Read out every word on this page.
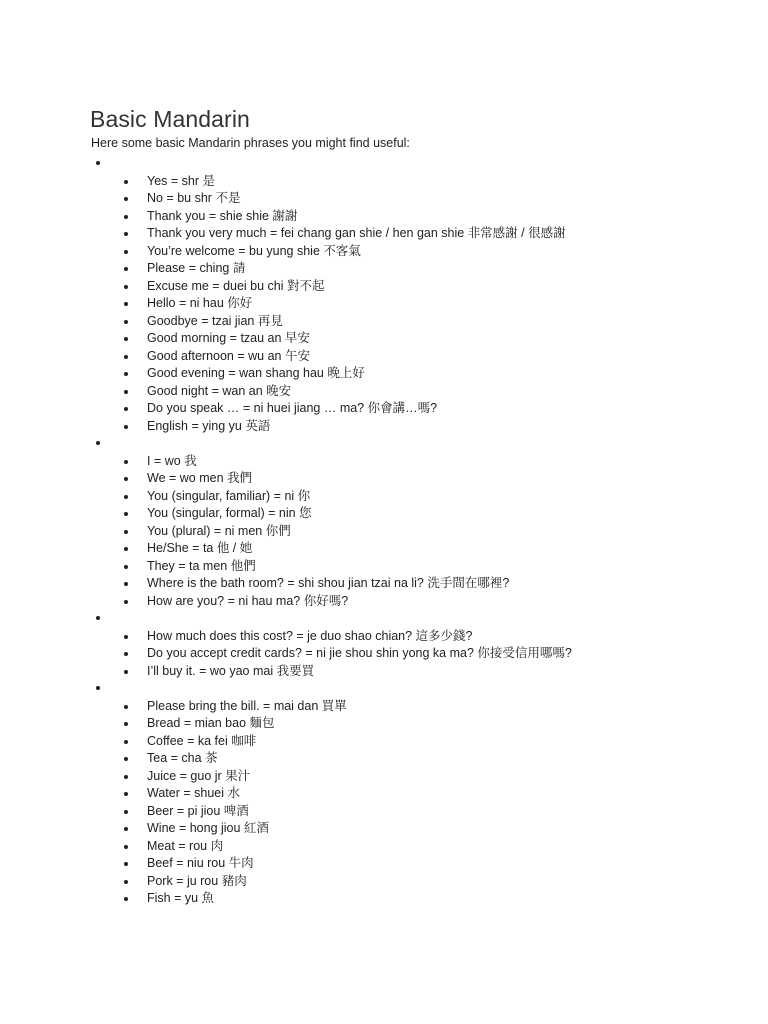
Basic Mandarin

Here some basic Mandarin phrases you might find useful:

Yes = shr 是
No = bu shr 不是
Thank you = shie shie 謝謝
Thank you very much = fei chang gan shie / hen gan shie 非常感謝 / 很感謝
You’re welcome = bu yung shie 不客氣
Please = ching 請
Excuse me = duei bu chi 對不起
Hello = ni hau 你好
Goodbye = tzai jian 再見
Good morning = tzau an 早安
Good afternoon = wu an 午安
Good evening = wan shang hau 晚上好
Good night = wan an 晚安
Do you speak … = ni huei jiang … ma? 你會講…嗎?
English = ying yu 英語
I = wo 我
We = wo men 我們
You (singular, familiar) = ni 你
You (singular, formal) = nin 您
You (plural) = ni men 你們
He/She = ta 他 / 她
They = ta men 他們
Where is the bath room? = shi shou jian tzai na li? 洗手間在哪裡?
How are you? = ni hau ma? 你好嗎?
How much does this cost? = je duo shao chian? 這多少錢?
Do you accept credit cards? = ni jie shou shin yong ka ma? 你接受信用哪嗎?
I’ll buy it. = wo yao mai 我要買
Please bring the bill. = mai dan 買單
Bread = mian bao 麵包
Coffee = ka fei 咖啡
Tea = cha 茶
Juice = guo jr 果汁
Water = shuei 水
Beer = pi jiou 啤酒
Wine = hong jiou 紅酒
Meat = rou 肉
Beef = niu rou 牛肉
Pork = ju rou 豬肉
Fish = yu 魚
